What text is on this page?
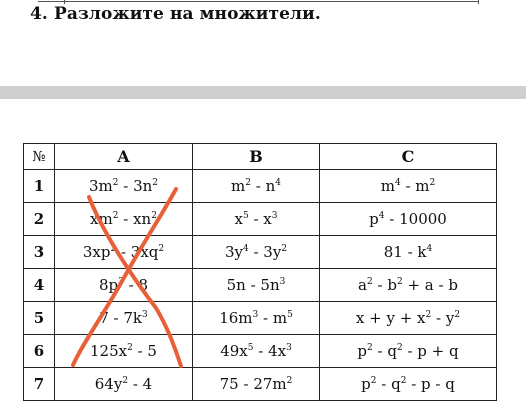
4. Разложите на множители.
№	A	B	C
1	$3m^2 - 3n^2$	$m^2 - n^4$	$m^4 - m^2$
2	$xm^2 - xn^2$	$x^5 - x^3$	$p^4 - 10000$
3	$3xp^2 - 3xq^2$	$3y^4 - 3y^2$	$81 - k^4$
4	$8p^3 - 8$	$5n - 5n^3$	$a^2 - b^2 + a - b$
5	$7 - 7k^3$	$16m^3 - m^5$	$x + y + x^2 - y^2$
6	$125x^2 - 5$	$49x^5 - 4x^3$	$p^2 - q^2 - p + q$
7	$64y^2 - 4$	$75 - 27m^2$	$p^2 - q^2$ - p - q
